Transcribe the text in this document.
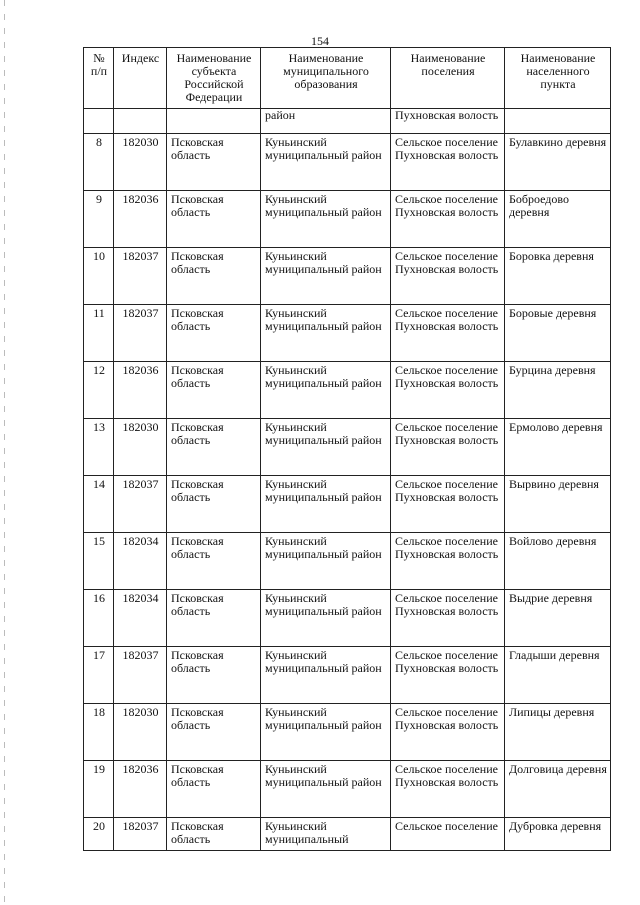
154
№ п/п	Индекс	Наименование субъекта Российской Федерации	Наименование муниципального образования	Наименование поселения	Наименование населенного пункта
			район	Пухновская волость	
8	182030	Псковская область	Куньинский муниципальный район	Сельское поселение Пухновская волость	Булавкино деревня
9	182036	Псковская область	Куньинский муниципальный район	Сельское поселение Пухновская волость	Боброедово деревня
10	182037	Псковская область	Куньинский муниципальный район	Сельское поселение Пухновская волость	Боровка деревня
11	182037	Псковская область	Куньинский муниципальный район	Сельское поселение Пухновская волость	Боровые деревня
12	182036	Псковская область	Куньинский муниципальный район	Сельское поселение Пухновская волость	Бурцина деревня
13	182030	Псковская область	Куньинский муниципальный район	Сельское поселение Пухновская волость	Ермолово деревня
14	182037	Псковская область	Куньинский муниципальный район	Сельское поселение Пухновская волость	Вырвино деревня
15	182034	Псковская область	Куньинский муниципальный район	Сельское поселение Пухновская волость	Войлово деревня
16	182034	Псковская область	Куньинский муниципальный район	Сельское поселение Пухновская волость	Выдрие деревня
17	182037	Псковская область	Куньинский муниципальный район	Сельское поселение Пухновская волость	Гладыши деревня
18	182030	Псковская область	Куньинский муниципальный район	Сельское поселение Пухновская волость	Липицы деревня
19	182036	Псковская область	Куньинский муниципальный район	Сельское поселение Пухновская волость	Долговица деревня
20	182037	Псковская область	Куньинский муниципальный	Сельское поселение	Дубровка деревня
